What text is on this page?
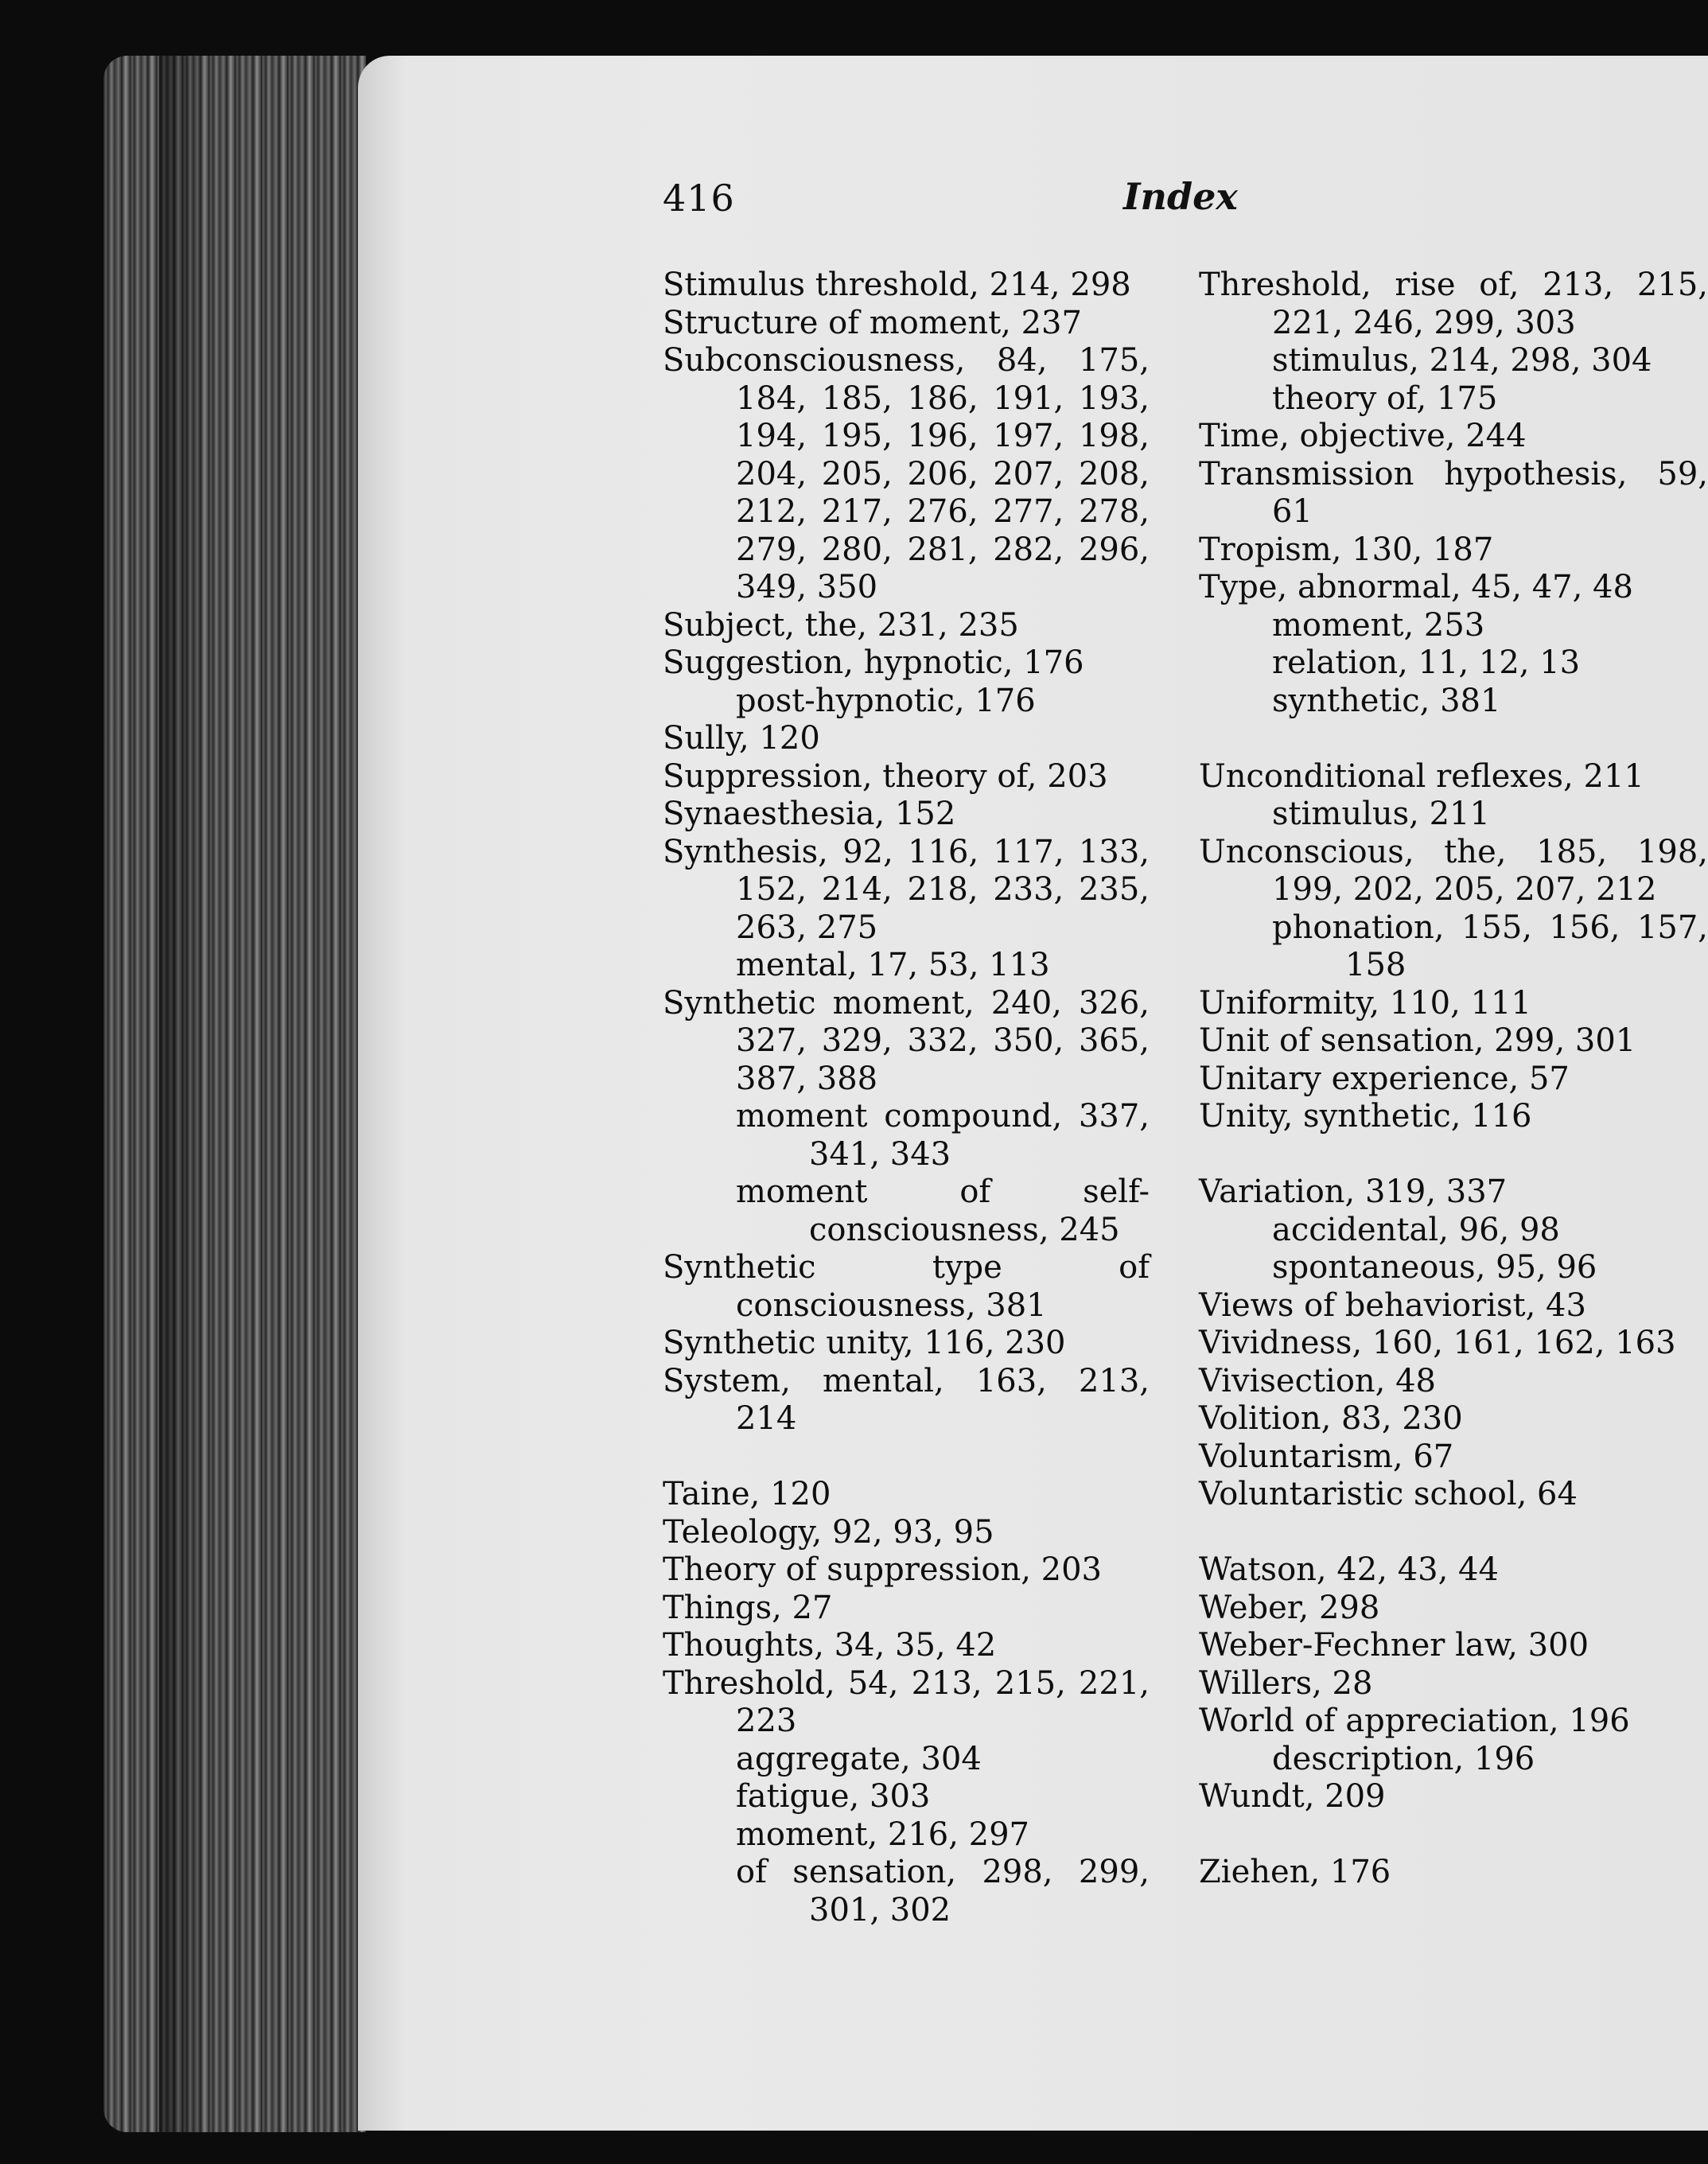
416	Index

Stimulus threshold, 214, 298

Structure of moment, 237

Subconsciousness, 84, 175, 184, 185, 186, 191, 193, 194, 195, 196, 197, 198, 204, 205, 206, 207, 208, 212, 217, 276, 277, 278, 279, 280, 281, 282, 296, 349, 350

Subject, the, 231, 235

Suggestion, hypnotic, 176

post-hypnotic, 176

Sully, 120

Suppression, theory of, 203

Synaesthesia, 152

Synthesis, 92, 116, 117, 133, 152, 214, 218, 233, 235, 263, 275

mental, 17, 53, 113

Synthetic moment, 240, 326, 327, 329, 332, 350, 365, 387, 388

moment compound, 337, 341, 343

moment of self-consciousness, 245

Synthetic type of consciousness, 381

Synthetic unity, 116, 230

System, mental, 163, 213, 214

Taine, 120

Teleology, 92, 93, 95

Theory of suppression, 203

Things, 27

Thoughts, 34, 35, 42

Threshold, 54, 213, 215, 221, 223

aggregate, 304

fatigue, 303

moment, 216, 297

of sensation, 298, 299, 301, 302

Threshold, rise of, 213, 215, 221, 246, 299, 303

stimulus, 214, 298, 304

theory of, 175

Time, objective, 244

Transmission hypothesis, 59, 61

Tropism, 130, 187

Type, abnormal, 45, 47, 48

moment, 253

relation, 11, 12, 13

synthetic, 381

Unconditional reflexes, 211

stimulus, 211

Unconscious, the, 185, 198, 199, 202, 205, 207, 212

phonation, 155, 156, 157, 158

Uniformity, 110, 111

Unit of sensation, 299, 301

Unitary experience, 57

Unity, synthetic, 116

Variation, 319, 337

accidental, 96, 98

spontaneous, 95, 96

Views of behaviorist, 43

Vividness, 160, 161, 162, 163

Vivisection, 48

Volition, 83, 230

Voluntarism, 67

Voluntaristic school, 64

Watson, 42, 43, 44

Weber, 298

Weber-Fechner law, 300

Willers, 28

World of appreciation, 196

description, 196

Wundt, 209

Ziehen, 176
